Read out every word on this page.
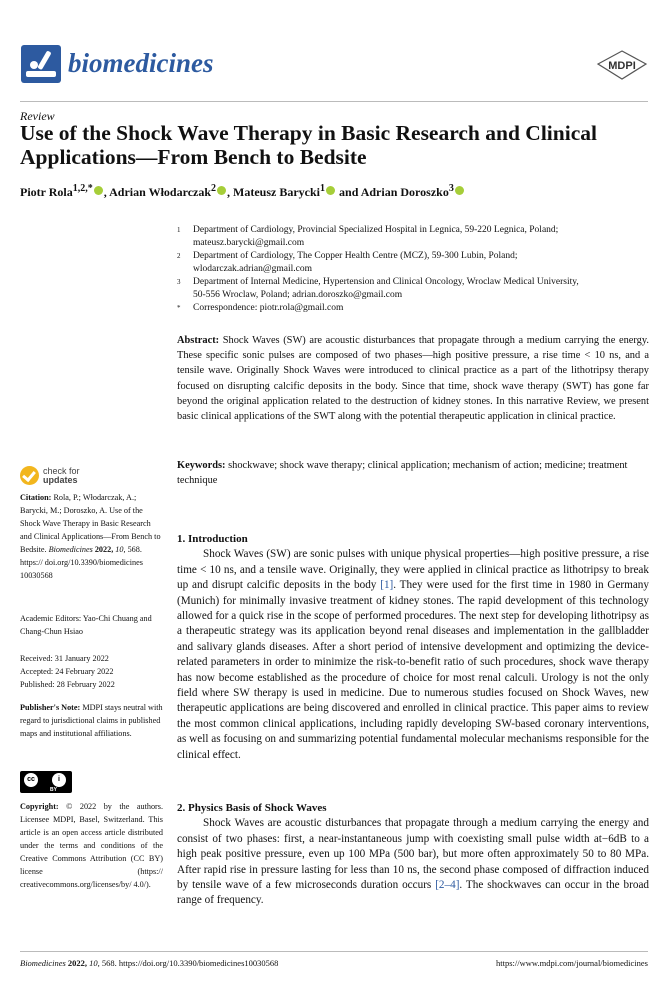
biomedicines	MDPI
Review
Use of the Shock Wave Therapy in Basic Research and Clinical Applications—From Bench to Bedsite
Piotr Rola$^{1,2,*}$ , Adrian Włodarczak$^2$ , Mateusz Barycki$^1$ and Adrian Doroszko$^3$
1 Department of Cardiology, Provincial Specialized Hospital in Legnica, 59-220 Legnica, Poland;
mateusz.barycki@gmail.com
2 Department of Cardiology, The Copper Health Centre (MCZ), 59-300 Lubin, Poland;
wlodarczak.adrian@gmail.com
3 Department of Internal Medicine, Hypertension and Clinical Oncology, Wroclaw Medical University,
50-556 Wroclaw, Poland; adrian.doroszko@gmail.com
* Correspondence: piotr.rola@gmail.com
Abstract: Shock Waves (SW) are acoustic disturbances that propagate through a medium carrying the energy. These specific sonic pulses are composed of two phases—high positive pressure, a rise time < 10 ns, and a tensile wave. Originally Shock Waves were introduced to clinical practice as a part of the lithotripsy therapy focused on disrupting calcific deposits in the body. Since that time, shock wave therapy (SWT) has gone far beyond the original application related to the destruction of kidney stones. In this narrative Review, we present basic clinical applications of the SWT along with the potential therapeutic application in clinical practice.
Keywords: shockwave; shock wave therapy; clinical application; mechanism of action; medicine; treatment technique
check for
updates
Citation: Rola, P.; Włodarczak, A.; Barycki, M.; Doroszko, A. Use of the Shock Wave Therapy in Basic Research and Clinical Applications—From Bench to Bedsite. Biomedicines 2022, 10, 568. https:// doi.org/10.3390/biomedicines 10030568
Academic Editors: Yao-Chi Chuang and Chang-Chun Hsiao
Received: 31 January 2022
Accepted: 24 February 2022
Published: 28 February 2022
Publisher's Note: MDPI stays neutral with regard to jurisdictional claims in published maps and institutional affiliations.
cc	i
BY
Copyright: © 2022 by the authors. Licensee MDPI, Basel, Switzerland. This article is an open access article distributed under the terms and conditions of the Creative Commons Attribution (CC BY) license (https:// creativecommons.org/licenses/by/ 4.0/).
1. Introduction
Shock Waves (SW) are sonic pulses with unique physical properties—high positive pressure, a rise time < 10 ns, and a tensile wave. Originally, they were applied in clinical practice as lithotripsy to break up and disrupt calcific deposits in the body [1]. They were used for the first time in 1980 in Germany (Munich) for minimally invasive treatment of kidney stones. The rapid development of this technology allowed for a quick rise in the scope of performed procedures. The next step for developing lithotripsy as a therapeutic strategy was its application beyond renal diseases and implementation in the gallbladder and salivary glands diseases. After a short period of intensive development and optimizing the device-related parameters in order to minimize the risk-to-benefit ratio of such procedures, shock wave therapy has now become established as the procedure of choice for most renal calculi. Urology is not the only field where SW therapy is used in medicine. Due to numerous studies focused on Shock Waves, new therapeutic applications are being discovered and enrolled in clinical practice. This paper aims to review the most common clinical applications, including rapidly developing SW-based coronary interventions, as well as focusing on and summarizing potential fundamental molecular mechanisms responsible for the clinical effect.
2. Physics Basis of Shock Waves
Shock Waves are acoustic disturbances that propagate through a medium carrying the energy and consist of two phases: first, a near-instantaneous jump with coexisting small pulse width at−6dB to a high peak positive pressure, even up 100 MPa (500 bar), but more often approximately 50 to 80 MPa. After rapid rise in pressure lasting for less than 10 ns, the second phase composed of diffraction induced by tensile wave of a few microseconds duration occurs [2–4]. The shockwaves can occur in the broad range of frequency.
Biomedicines 2022, 10, 568. https://doi.org/10.3390/biomedicines10030568	https://www.mdpi.com/journal/biomedicines
